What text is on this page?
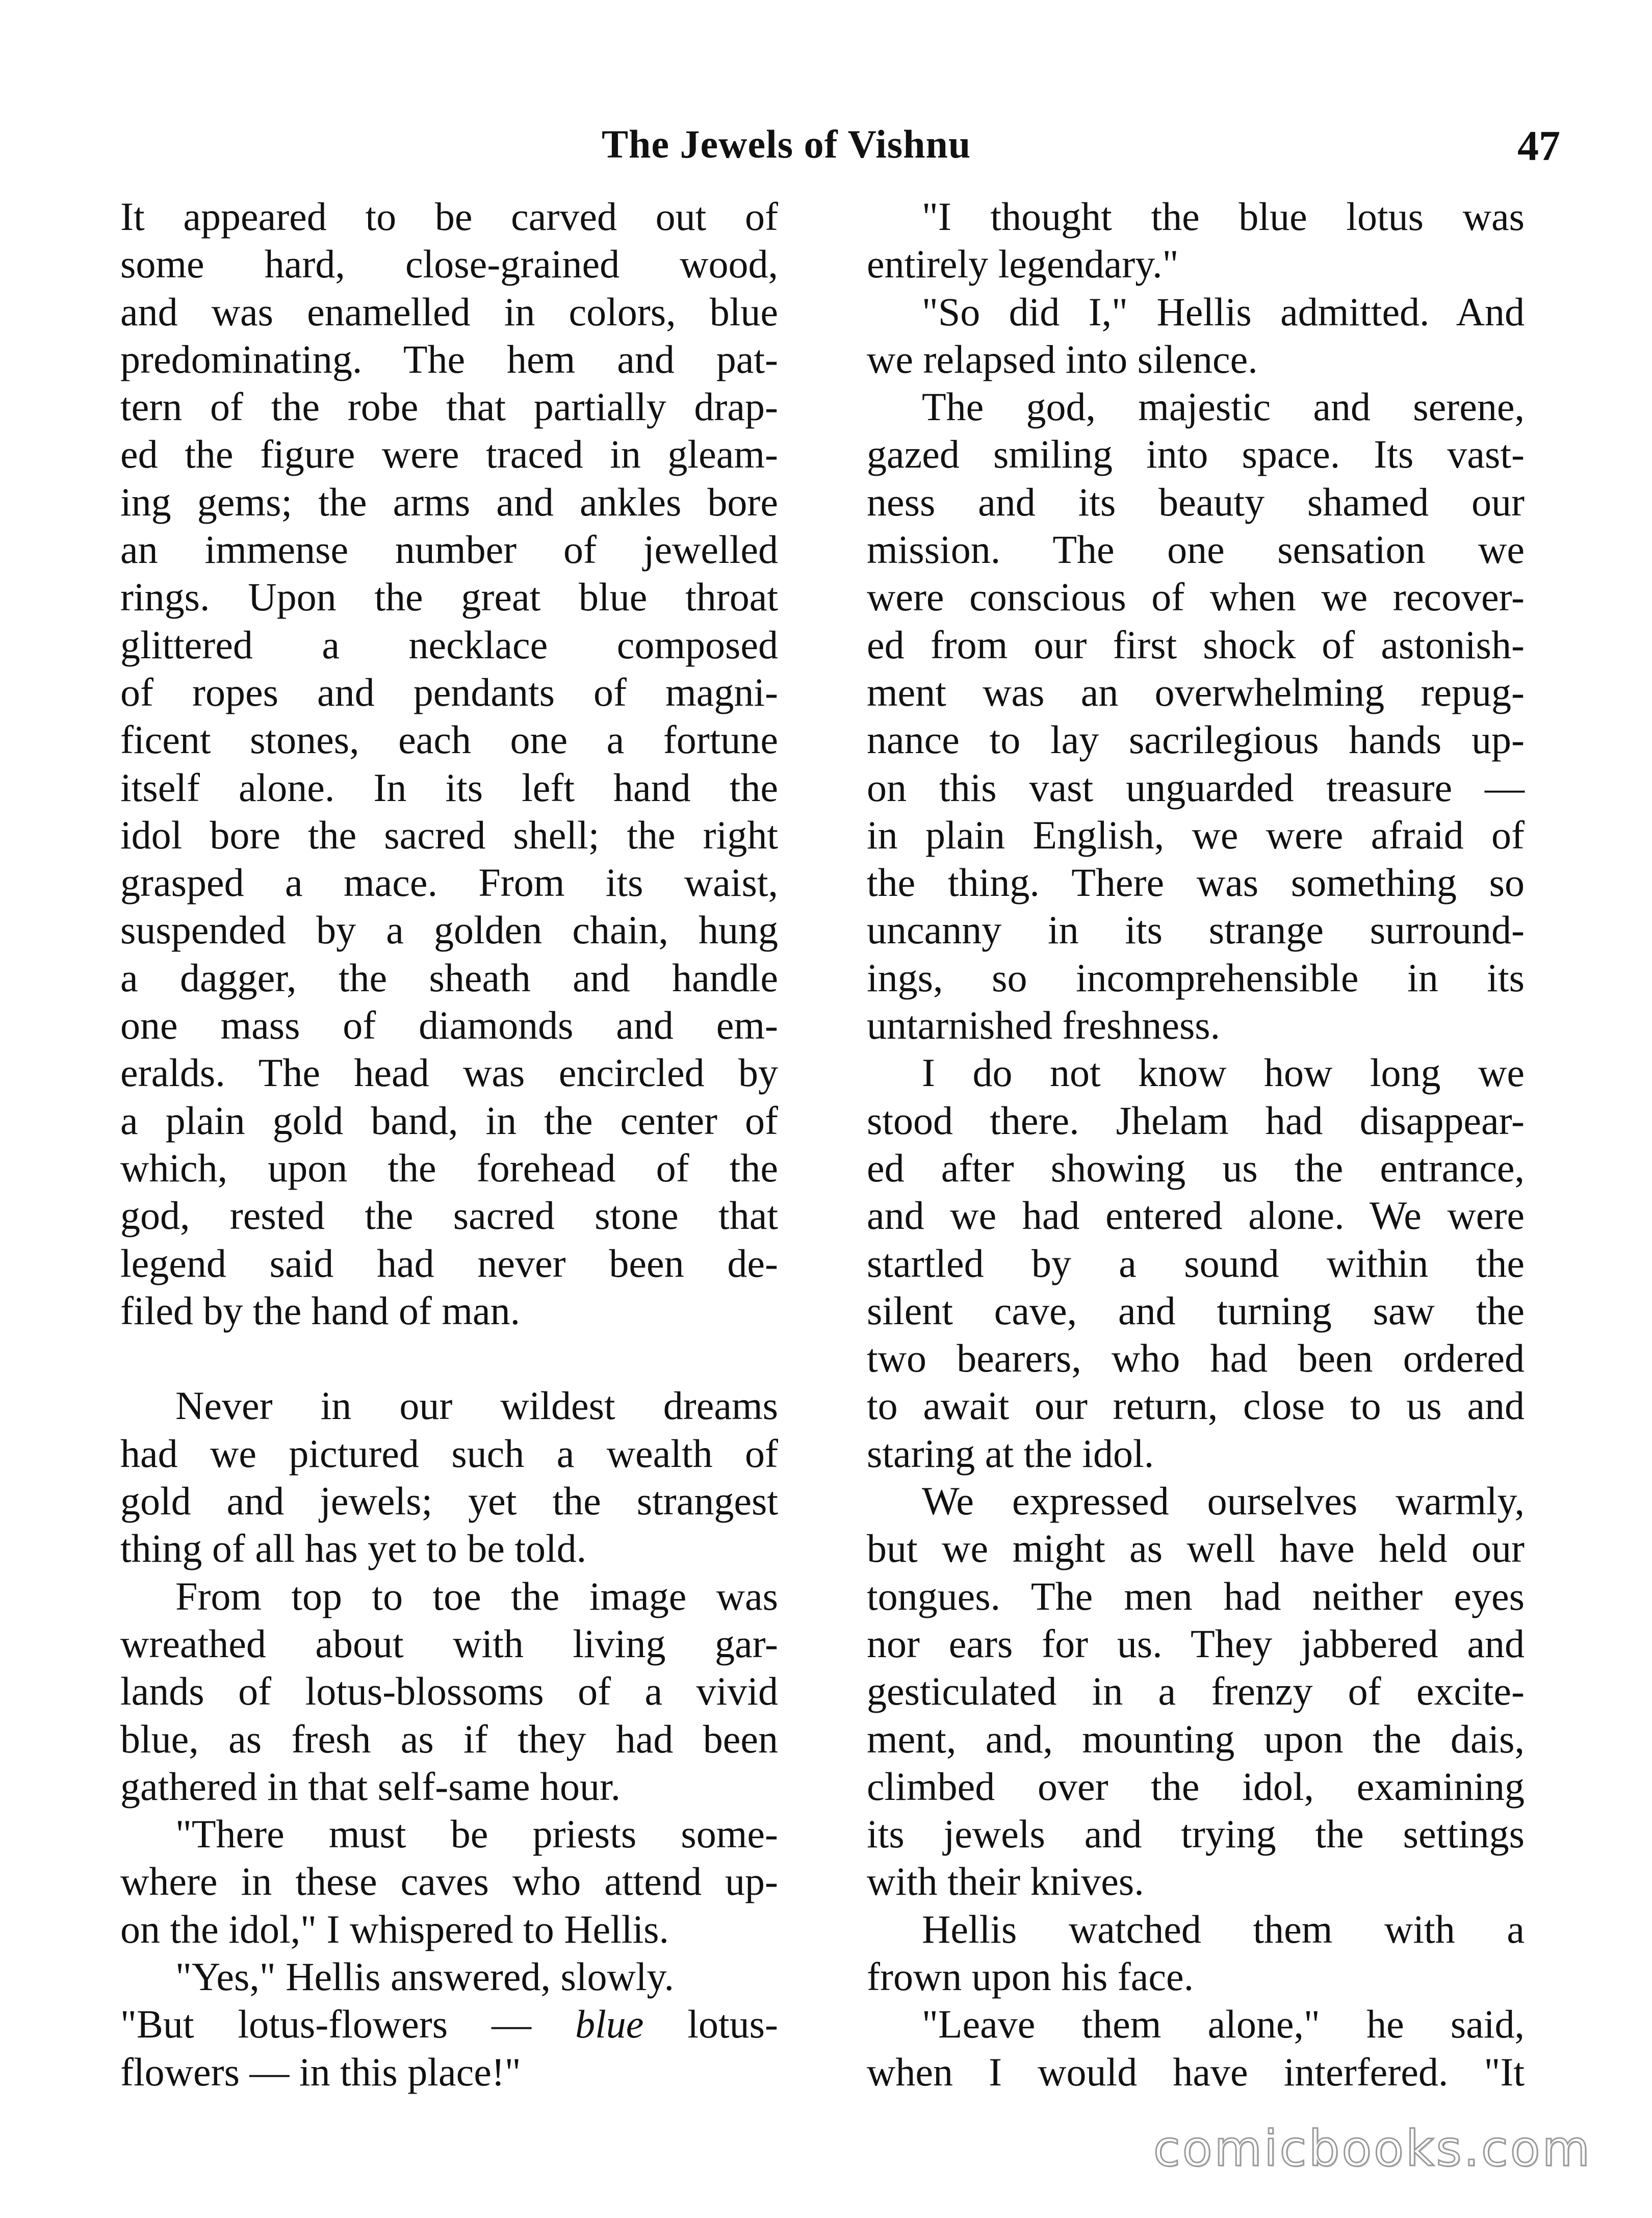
The Jewels of Vishnu	47
It appeared to be carved out of
some hard, close-grained wood,
and was enamelled in colors, blue
predominating. The hem and pat-
tern of the robe that partially drap-
ed the figure were traced in gleam-
ing gems; the arms and ankles bore
an immense number of jewelled
rings. Upon the great blue throat
glittered a necklace composed
of ropes and pendants of magni-
ficent stones, each one a fortune
itself alone. In its left hand the
idol bore the sacred shell; the right
grasped a mace. From its waist,
suspended by a golden chain, hung
a dagger, the sheath and handle
one mass of diamonds and em-
eralds. The head was encircled by
a plain gold band, in the center of
which, upon the forehead of the
god, rested the sacred stone that
legend said had never been de-
filed by the hand of man.
Never in our wildest dreams
had we pictured such a wealth of
gold and jewels; yet the strangest
thing of all has yet to be told.
From top to toe the image was
wreathed about with living gar-
lands of lotus-blossoms of a vivid
blue, as fresh as if they had been
gathered in that self-same hour.
"There must be priests some-
where in these caves who attend up-
on the idol," I whispered to Hellis.
"Yes," Hellis answered, slowly.
"But lotus-flowers — blue lotus-
flowers — in this place!"
"I thought the blue lotus was
entirely legendary."
"So did I," Hellis admitted. And
we relapsed into silence.
The god, majestic and serene,
gazed smiling into space. Its vast-
ness and its beauty shamed our
mission. The one sensation we
were conscious of when we recover-
ed from our first shock of astonish-
ment was an overwhelming repug-
nance to lay sacrilegious hands up-
on this vast unguarded treasure —
in plain English, we were afraid of
the thing. There was something so
uncanny in its strange surround-
ings, so incomprehensible in its
untarnished freshness.
I do not know how long we
stood there. Jhelam had disappear-
ed after showing us the entrance,
and we had entered alone. We were
startled by a sound within the
silent cave, and turning saw the
two bearers, who had been ordered
to await our return, close to us and
staring at the idol.
We expressed ourselves warmly,
but we might as well have held our
tongues. The men had neither eyes
nor ears for us. They jabbered and
gesticulated in a frenzy of excite-
ment, and, mounting upon the dais,
climbed over the idol, examining
its jewels and trying the settings
with their knives.
Hellis watched them with a
frown upon his face.
"Leave them alone," he said,
when I would have interfered. "It
comicbooks.com
